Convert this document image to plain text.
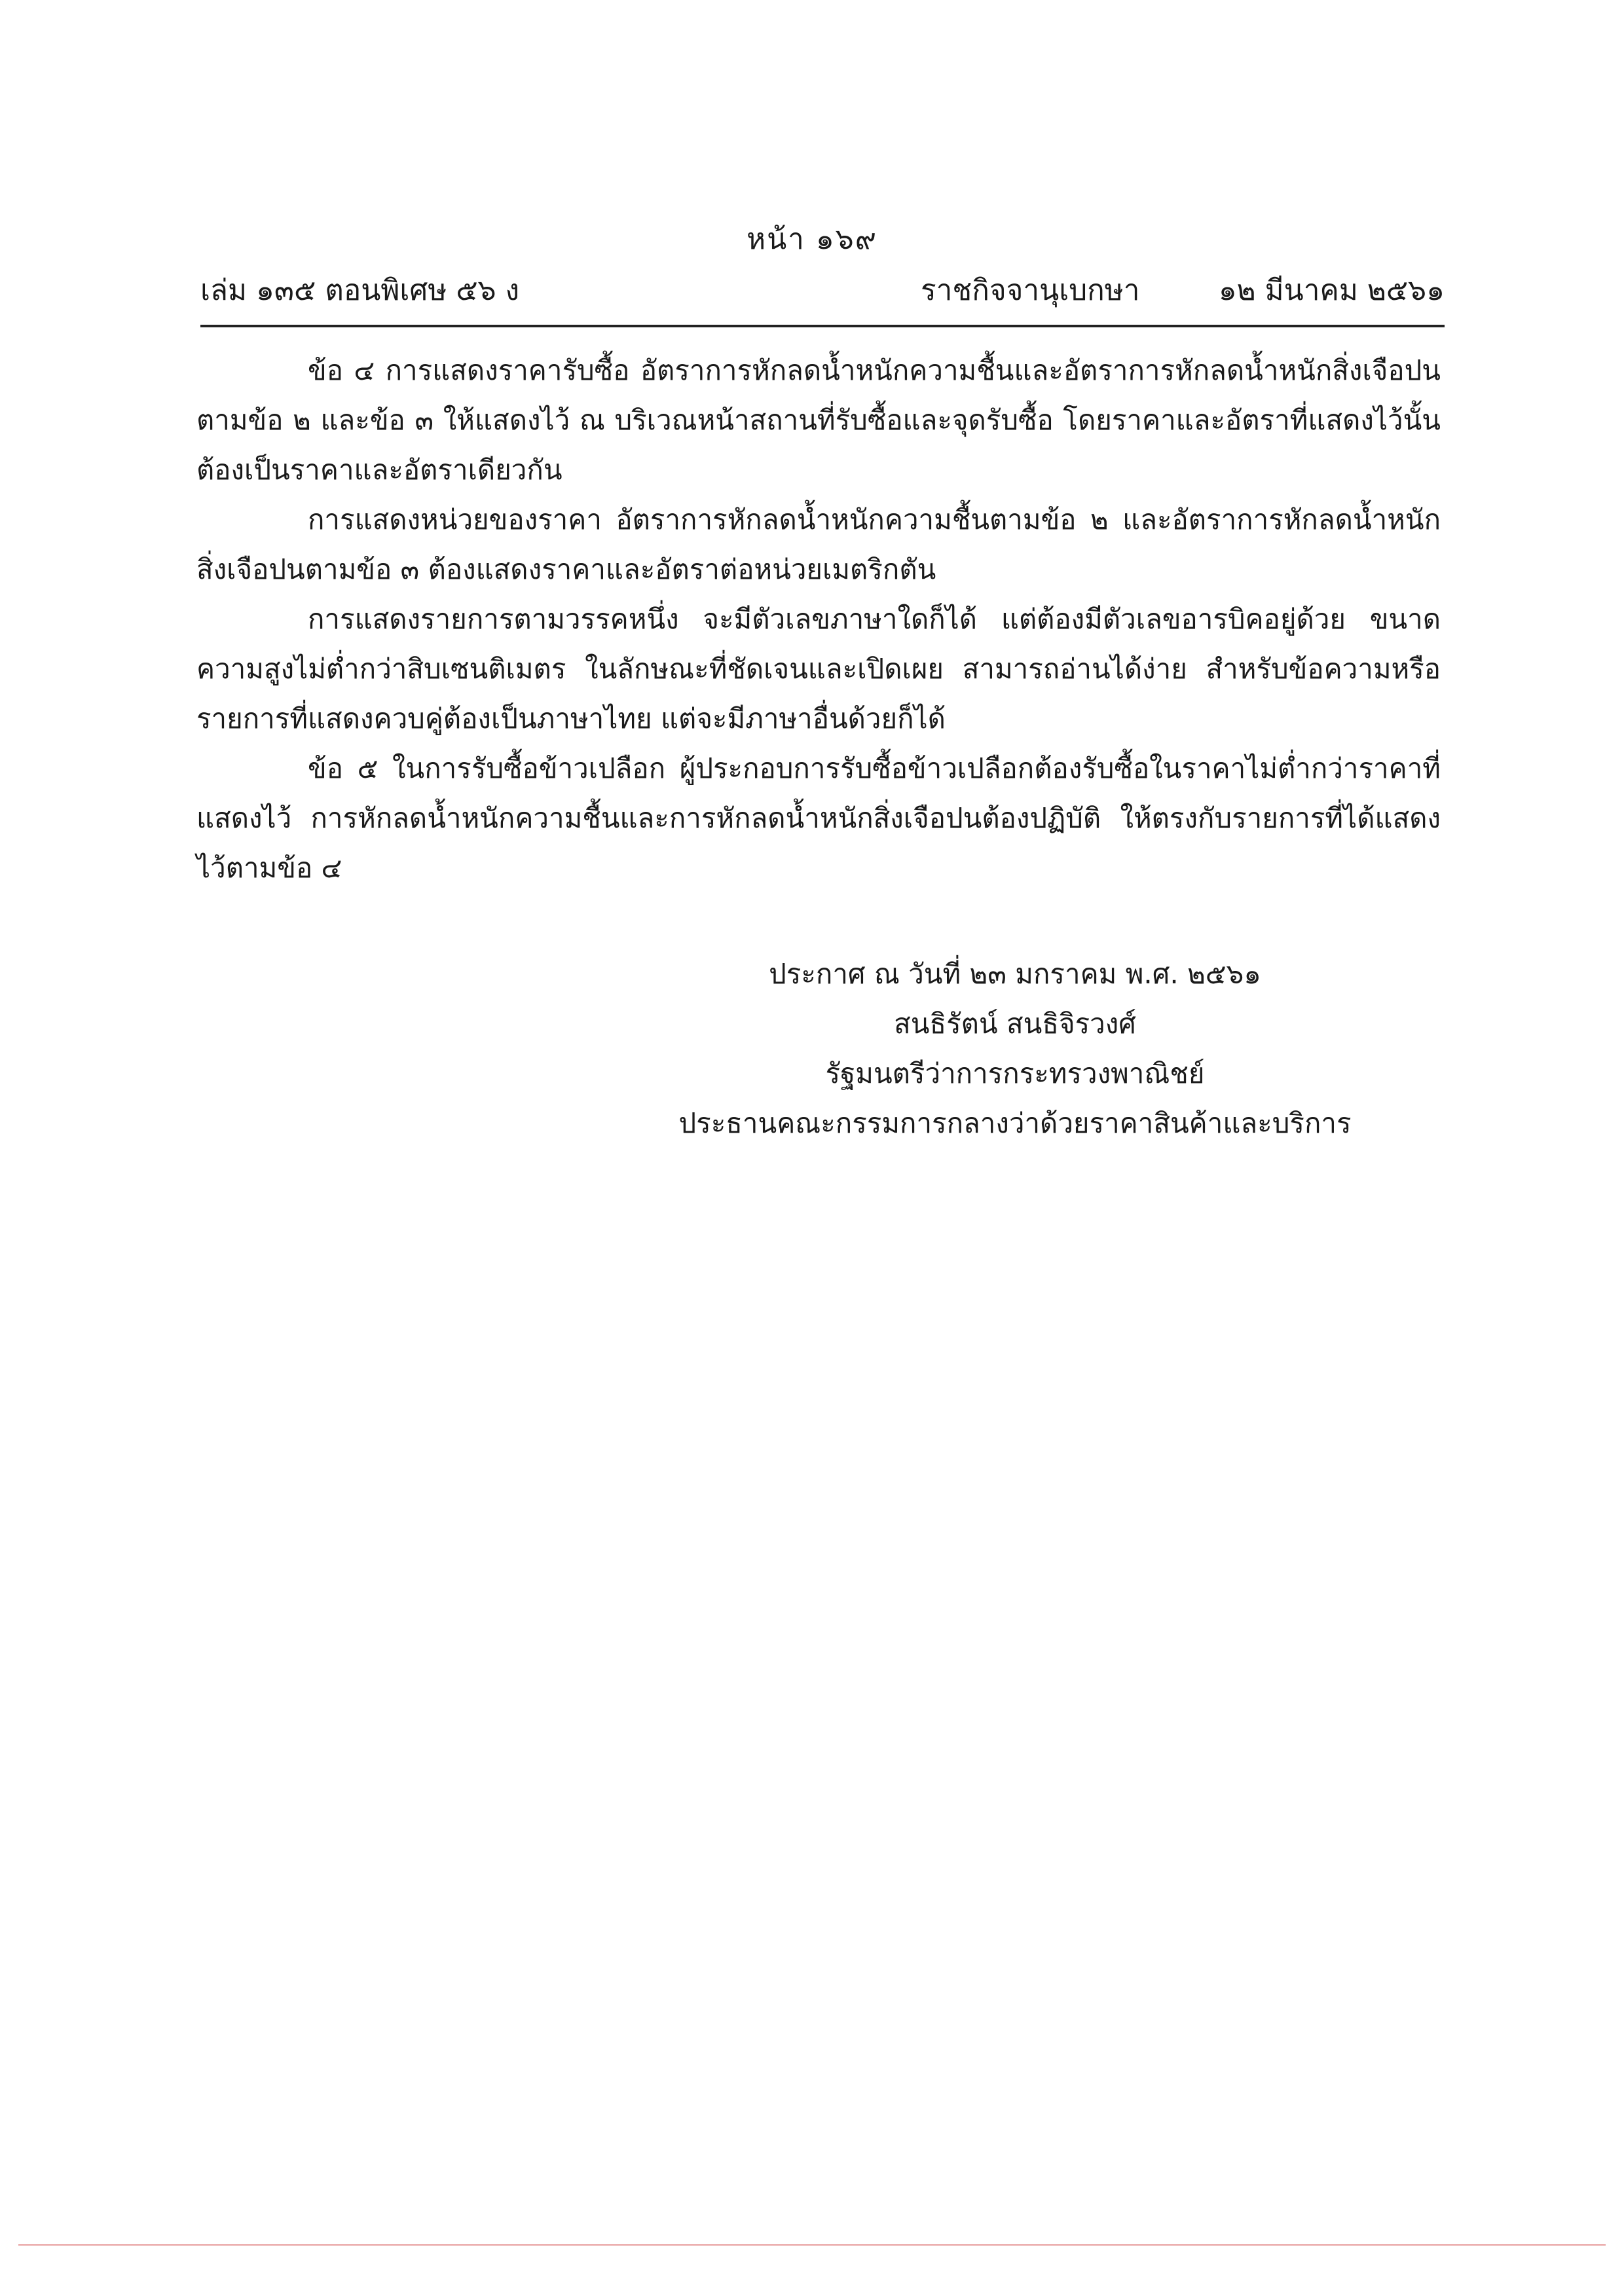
หน้า ๑๖๙
เล่ม ๑๓๕ ตอนพิเศษ ๕๖ ง	ราชกิจจานุเบกษา	๑๒ มีนาคม ๒๕๖๑

ข้อ ๔ การแสดงราคารับซื้อ อัตราการหักลดน้ำหนักความชื้นและอัตราการหักลดน้ำหนักสิ่งเจือปนตามข้อ ๒ และข้อ ๓ ให้แสดงไว้ ณ บริเวณหน้าสถานที่รับซื้อและจุดรับซื้อ โดยราคาและอัตราที่แสดงไว้นั้นต้องเป็นราคาและอัตราเดียวกัน

การแสดงหน่วยของราคา อัตราการหักลดน้ำหนักความชื้นตามข้อ ๒ และอัตราการหักลดน้ำหนักสิ่งเจือปนตามข้อ ๓ ต้องแสดงราคาและอัตราต่อหน่วยเมตริกตัน

การแสดงรายการตามวรรคหนึ่ง จะมีตัวเลขภาษาใดก็ได้ แต่ต้องมีตัวเลขอารบิคอยู่ด้วย ขนาดความสูงไม่ต่ำกว่าสิบเซนติเมตร ในลักษณะที่ชัดเจนและเปิดเผย สามารถอ่านได้ง่าย สำหรับข้อความหรือรายการที่แสดงควบคู่ต้องเป็นภาษาไทย แต่จะมีภาษาอื่นด้วยก็ได้

ข้อ ๕ ในการรับซื้อข้าวเปลือก ผู้ประกอบการรับซื้อข้าวเปลือกต้องรับซื้อในราคาไม่ต่ำกว่าราคาที่แสดงไว้ การหักลดน้ำหนักความชื้นและการหักลดน้ำหนักสิ่งเจือปนต้องปฏิบัติ ให้ตรงกับรายการที่ได้แสดงไว้ตามข้อ ๔

ประกาศ ณ วันที่ ๒๓ มกราคม พ.ศ. ๒๕๖๑
สนธิรัตน์ สนธิจิรวงศ์
รัฐมนตรีว่าการกระทรวงพาณิชย์
ประธานคณะกรรมการกลางว่าด้วยราคาสินค้าและบริการ
